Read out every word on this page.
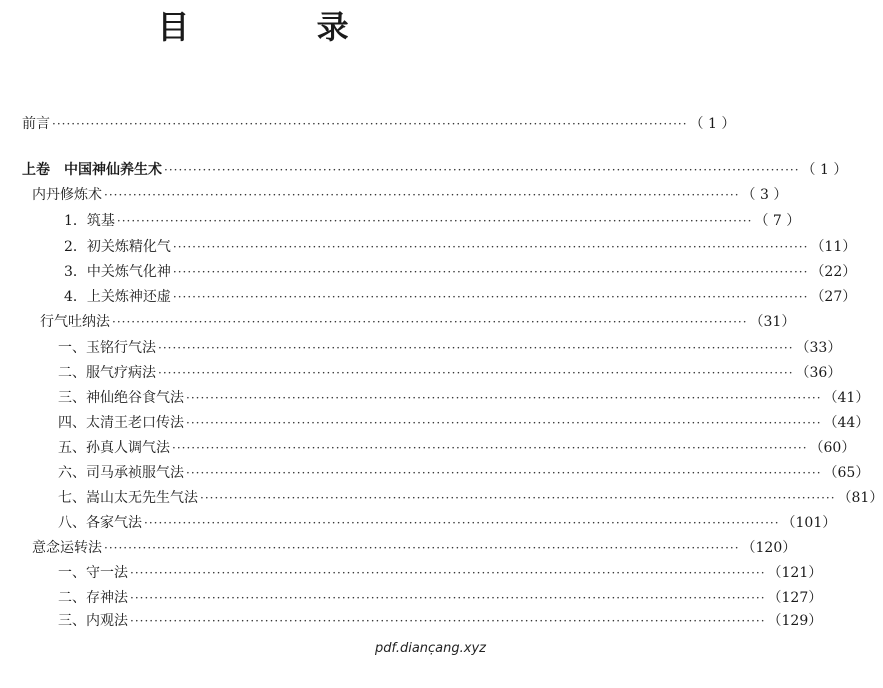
目 录
前言 ···································································································································· （ 1 ）
上卷　中国神仙养生术 ···································································································································· （ 1 ）
内丹修炼术 ···································································································································· （ 3 ）
1．筑基 ···································································································································· （ 7 ）
2．初关炼精化气 ···································································································································· （11）
3．中关炼气化神 ···································································································································· （22）
4．上关炼神还虚 ···································································································································· （27）
行气吐纳法 ···································································································································· （31）
一、玉铭行气法 ···································································································································· （33）
二、服气疗病法 ···································································································································· （36）
三、神仙绝谷食气法 ···································································································································· （41）
四、太清王老口传法 ···································································································································· （44）
五、孙真人调气法 ···································································································································· （60）
六、司马承祯服气法 ···································································································································· （65）
七、嵩山太无先生气法 ···································································································································· （81）
八、各家气法 ···································································································································· （101）
意念运转法 ···································································································································· （120）
一、守一法 ···································································································································· （121）
二、存神法 ···································································································································· （127）
三、内观法 ···································································································································· （129）
pdf.dianc̣ang.xyz
